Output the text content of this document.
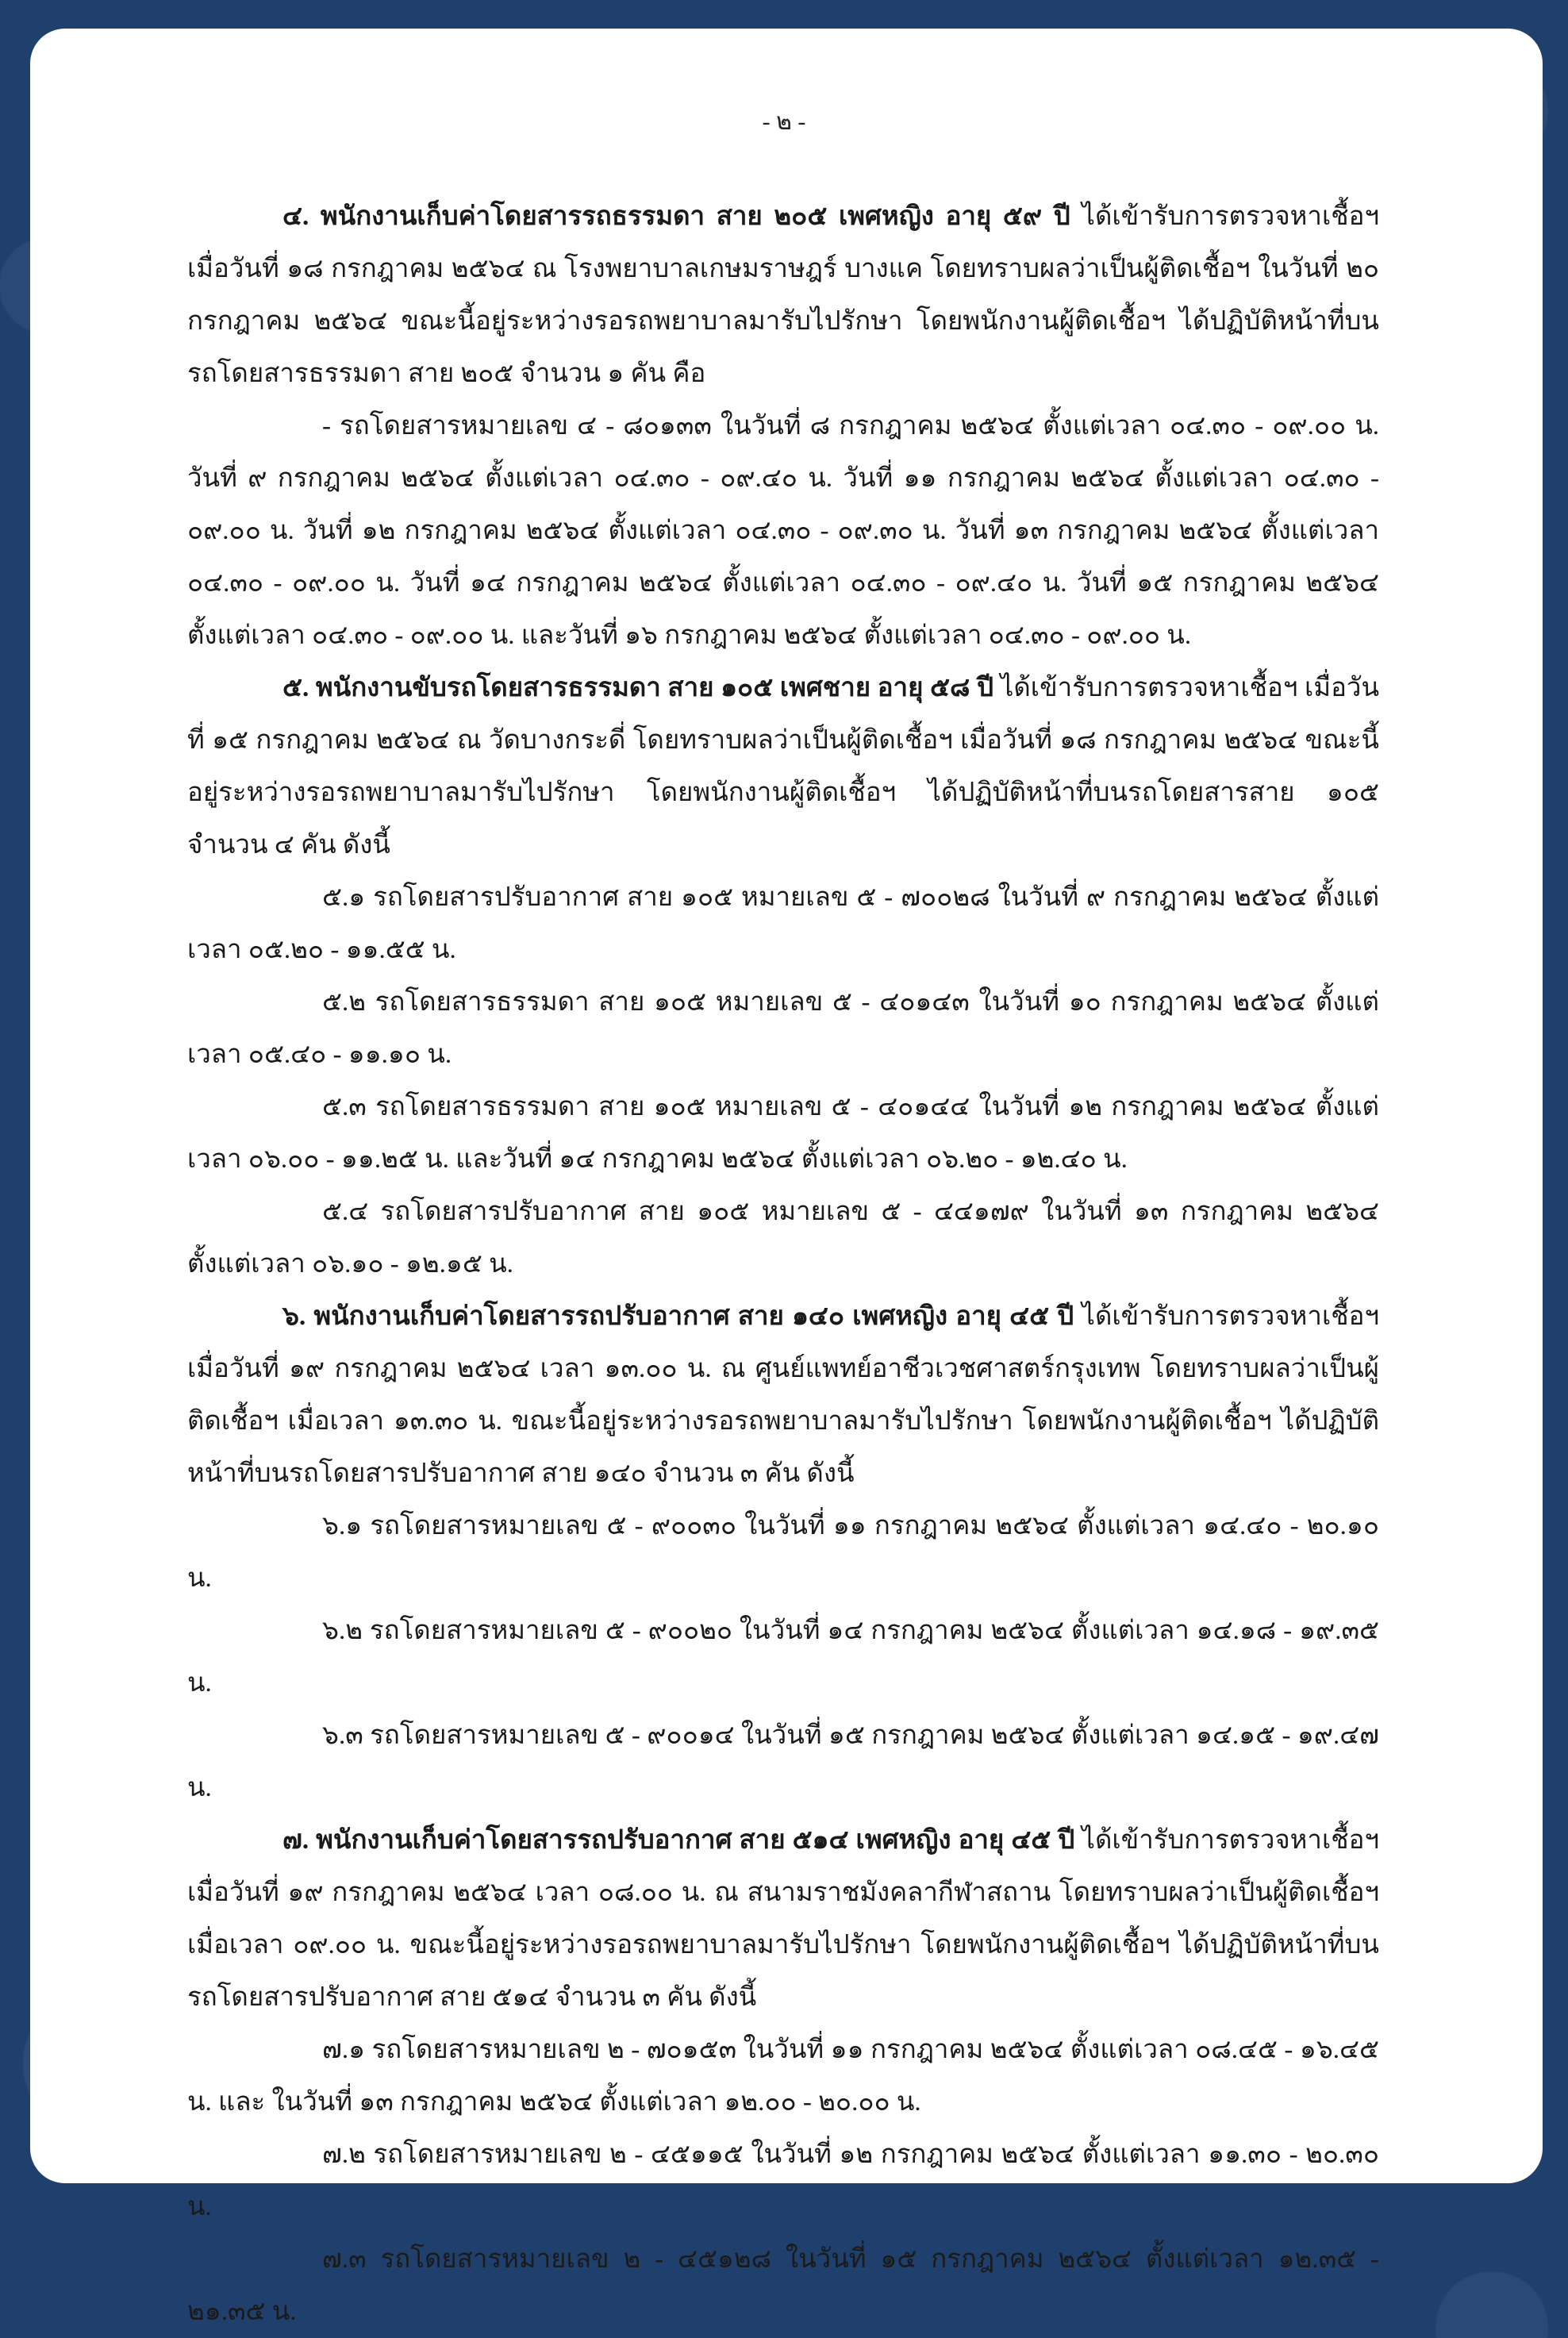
- ๒ -

๔. พนักงานเก็บค่าโดยสารรถธรรมดา สาย ๒๐๕ เพศหญิง อายุ ๕๙ ปี ได้เข้ารับการตรวจหาเชื้อฯ เมื่อวันที่ ๑๘ กรกฎาคม ๒๕๖๔ ณ โรงพยาบาลเกษมราษฎร์ บางแค โดยทราบผลว่าเป็นผู้ติดเชื้อฯ ในวันที่ ๒๐ กรกฎาคม ๒๕๖๔ ขณะนี้อยู่ระหว่างรอรถพยาบาลมารับไปรักษา โดยพนักงานผู้ติดเชื้อฯ ได้ปฏิบัติหน้าที่บนรถโดยสารธรรมดา สาย ๒๐๕ จำนวน ๑ คัน คือ

- รถโดยสารหมายเลข ๔ - ๘๐๑๓๓ ในวันที่ ๘ กรกฎาคม ๒๕๖๔ ตั้งแต่เวลา ๐๔.๓๐ - ๐๙.๐๐ น. วันที่ ๙ กรกฎาคม ๒๕๖๔ ตั้งแต่เวลา ๐๔.๓๐ - ๐๙.๔๐ น. วันที่ ๑๑ กรกฎาคม ๒๕๖๔ ตั้งแต่เวลา ๐๔.๓๐ - ๐๙.๐๐ น. วันที่ ๑๒ กรกฎาคม ๒๕๖๔ ตั้งแต่เวลา ๐๔.๓๐ - ๐๙.๓๐ น. วันที่ ๑๓ กรกฎาคม ๒๕๖๔ ตั้งแต่เวลา ๐๔.๓๐ - ๐๙.๐๐ น. วันที่ ๑๔ กรกฎาคม ๒๕๖๔ ตั้งแต่เวลา ๐๔.๓๐ - ๐๙.๔๐ น. วันที่ ๑๕ กรกฎาคม ๒๕๖๔ ตั้งแต่เวลา ๐๔.๓๐ - ๐๙.๐๐ น. และวันที่ ๑๖ กรกฎาคม ๒๕๖๔ ตั้งแต่เวลา ๐๔.๓๐ - ๐๙.๐๐ น.

๕. พนักงานขับรถโดยสารธรรมดา สาย ๑๐๕ เพศชาย อายุ ๕๘ ปี ได้เข้ารับการตรวจหาเชื้อฯ เมื่อวันที่ ๑๕ กรกฎาคม ๒๕๖๔ ณ วัดบางกระดี่ โดยทราบผลว่าเป็นผู้ติดเชื้อฯ เมื่อวันที่ ๑๘ กรกฎาคม ๒๕๖๔ ขณะนี้อยู่ระหว่างรอรถพยาบาลมารับไปรักษา โดยพนักงานผู้ติดเชื้อฯ ได้ปฏิบัติหน้าที่บนรถโดยสารสาย ๑๐๕ จำนวน ๔ คัน ดังนี้

๕.๑ รถโดยสารปรับอากาศ สาย ๑๐๕ หมายเลข ๕ - ๗๐๐๒๘ ในวันที่ ๙ กรกฎาคม ๒๕๖๔ ตั้งแต่เวลา ๐๕.๒๐ - ๑๑.๕๕ น.

๕.๒ รถโดยสารธรรมดา สาย ๑๐๕ หมายเลข ๕ - ๔๐๑๔๓ ในวันที่ ๑๐ กรกฎาคม ๒๕๖๔ ตั้งแต่เวลา ๐๕.๔๐ - ๑๑.๑๐ น.

๕.๓ รถโดยสารธรรมดา สาย ๑๐๕ หมายเลข ๕ - ๔๐๑๔๔ ในวันที่ ๑๒ กรกฎาคม ๒๕๖๔ ตั้งแต่เวลา ๐๖.๐๐ - ๑๑.๒๕ น. และวันที่ ๑๔ กรกฎาคม ๒๕๖๔ ตั้งแต่เวลา ๐๖.๒๐ - ๑๒.๔๐ น.

๕.๔ รถโดยสารปรับอากาศ สาย ๑๐๕ หมายเลข ๕ - ๔๔๑๗๙ ในวันที่ ๑๓ กรกฎาคม ๒๕๖๔ ตั้งแต่เวลา ๐๖.๑๐ - ๑๒.๑๕ น.

๖. พนักงานเก็บค่าโดยสารรถปรับอากาศ สาย ๑๔๐ เพศหญิง อายุ ๔๕ ปี ได้เข้ารับการตรวจหาเชื้อฯ เมื่อวันที่ ๑๙ กรกฎาคม ๒๕๖๔ เวลา ๑๓.๐๐ น. ณ ศูนย์แพทย์อาชีวเวชศาสตร์กรุงเทพ โดยทราบผลว่าเป็นผู้ติดเชื้อฯ เมื่อเวลา ๑๓.๓๐ น. ขณะนี้อยู่ระหว่างรอรถพยาบาลมารับไปรักษา โดยพนักงานผู้ติดเชื้อฯ ได้ปฏิบัติหน้าที่บนรถโดยสารปรับอากาศ สาย ๑๔๐ จำนวน ๓ คัน ดังนี้

๖.๑ รถโดยสารหมายเลข ๕ - ๙๐๐๓๐ ในวันที่ ๑๑ กรกฎาคม ๒๕๖๔ ตั้งแต่เวลา ๑๔.๔๐ - ๒๐.๑๐ น.

๖.๒ รถโดยสารหมายเลข ๕ - ๙๐๐๒๐ ในวันที่ ๑๔ กรกฎาคม ๒๕๖๔ ตั้งแต่เวลา ๑๔.๑๘ - ๑๙.๓๕ น.

๖.๓ รถโดยสารหมายเลข ๕ - ๙๐๐๑๔ ในวันที่ ๑๕ กรกฎาคม ๒๕๖๔ ตั้งแต่เวลา ๑๔.๑๕ - ๑๙.๔๗ น.

๗. พนักงานเก็บค่าโดยสารรถปรับอากาศ สาย ๕๑๔ เพศหญิง อายุ ๔๕ ปี ได้เข้ารับการตรวจหาเชื้อฯ เมื่อวันที่ ๑๙ กรกฎาคม ๒๕๖๔ เวลา ๐๘.๐๐ น. ณ สนามราชมังคลากีฬาสถาน โดยทราบผลว่าเป็นผู้ติดเชื้อฯ เมื่อเวลา ๐๙.๐๐ น. ขณะนี้อยู่ระหว่างรอรถพยาบาลมารับไปรักษา โดยพนักงานผู้ติดเชื้อฯ ได้ปฏิบัติหน้าที่บนรถโดยสารปรับอากาศ สาย ๕๑๔ จำนวน ๓ คัน ดังนี้

๗.๑ รถโดยสารหมายเลข ๒ - ๗๐๑๕๓ ในวันที่ ๑๑ กรกฎาคม ๒๕๖๔ ตั้งแต่เวลา ๐๘.๔๕ - ๑๖.๔๕ น. และ ในวันที่ ๑๓ กรกฎาคม ๒๕๖๔ ตั้งแต่เวลา ๑๒.๐๐ - ๒๐.๐๐ น.

๗.๒ รถโดยสารหมายเลข ๒ - ๔๕๑๑๕ ในวันที่ ๑๒ กรกฎาคม ๒๕๖๔ ตั้งแต่เวลา ๑๑.๓๐ - ๒๐.๓๐ น.

๗.๓ รถโดยสารหมายเลข ๒ - ๔๕๑๒๘ ในวันที่ ๑๕ กรกฎาคม ๒๕๖๔ ตั้งแต่เวลา ๑๒.๓๕ - ๒๑.๓๕ น.
